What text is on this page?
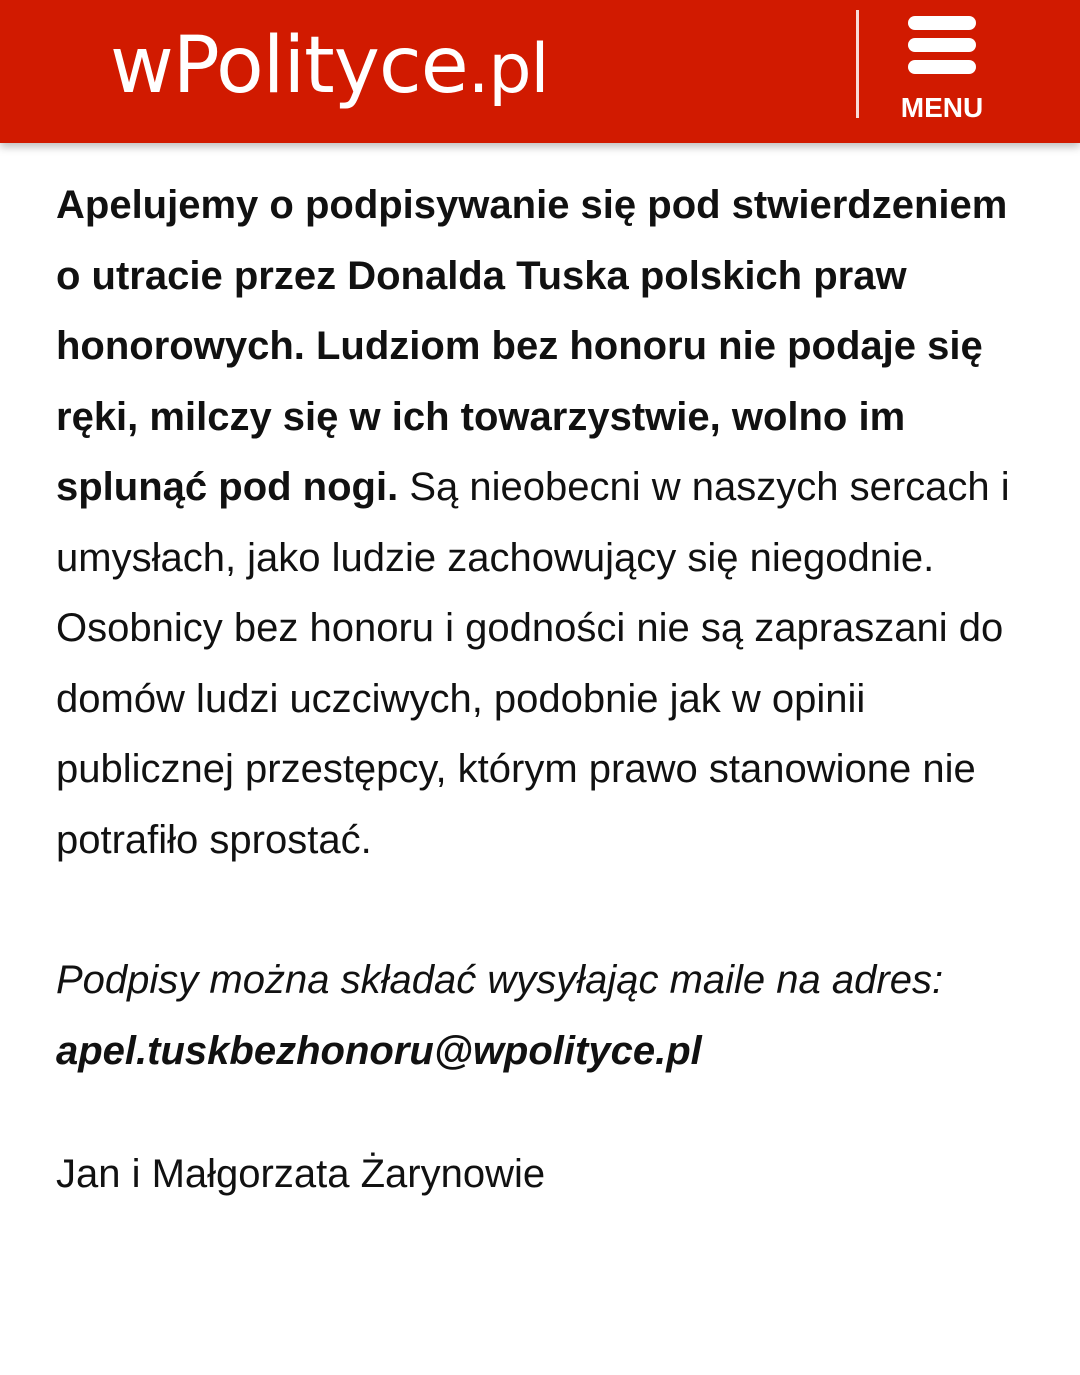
wPolityce .pl	MENU

Apelujemy o podpisywanie się pod stwierdzeniem o utracie przez Donalda Tuska polskich praw honorowych. Ludziom bez honoru nie podaje się ręki, milczy się w ich towarzystwie, wolno im splunąć pod nogi. Są nieobecni w naszych sercach i umysłach, jako ludzie zachowujący się niegodnie. Osobnicy bez honoru i godności nie są zapraszani do domów ludzi uczciwych, podobnie jak w opinii publicznej przestępcy, którym prawo stanowione nie potrafiło sprostać.

Podpisy można składać wysyłając maile na adres: apel.tuskbezhonoru@wpolityce.pl

Jan i Małgorzata Żarynowie
